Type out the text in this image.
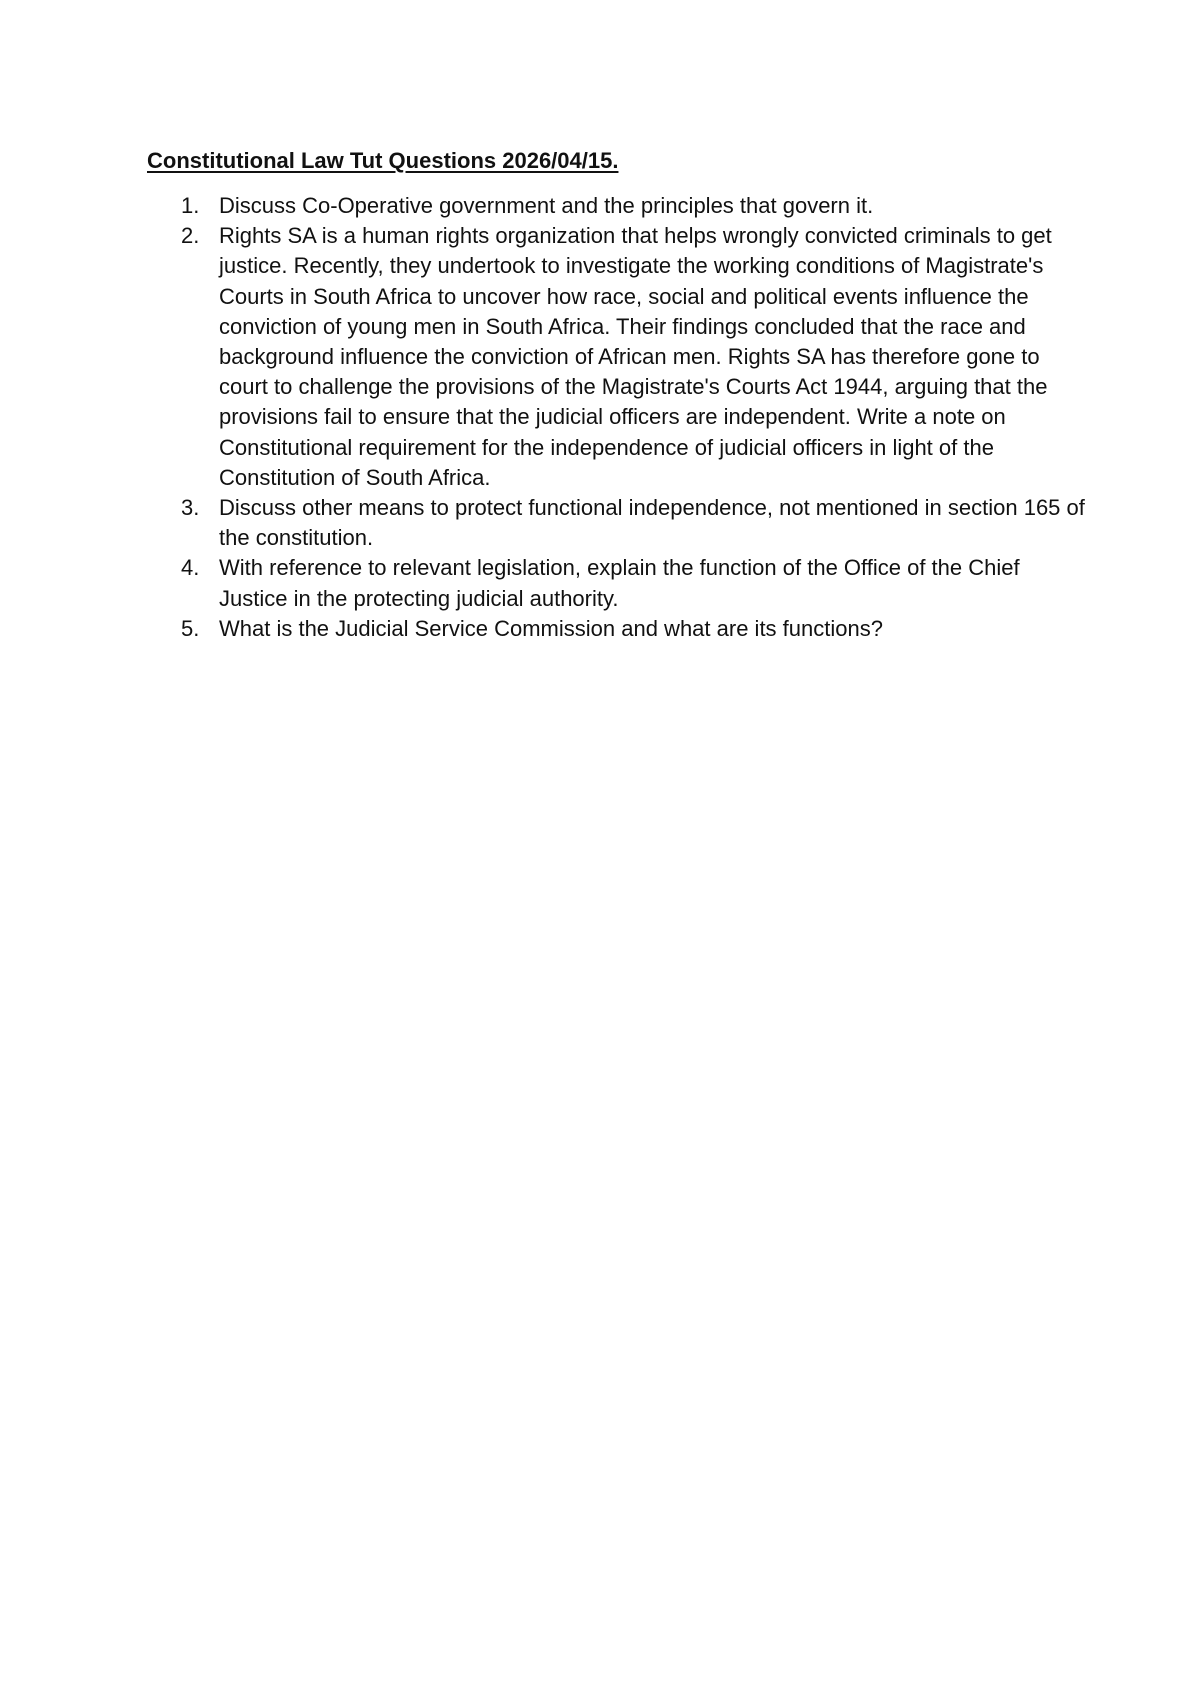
Constitutional Law Tut Questions 2026/04/15.
1. Discuss Co-Operative government and the principles that govern it.
2. Rights SA is a human rights organization that helps wrongly convicted criminals to get justice. Recently, they undertook to investigate the working conditions of Magistrate's Courts in South Africa to uncover how race, social and political events influence the conviction of young men in South Africa. Their findings concluded that the race and background influence the conviction of African men. Rights SA has therefore gone to court to challenge the provisions of the Magistrate's Courts Act 1944, arguing that the provisions fail to ensure that the judicial officers are independent. Write a note on Constitutional requirement for the independence of judicial officers in light of the Constitution of South Africa.
3. Discuss other means to protect functional independence, not mentioned in section 165 of the constitution.
4. With reference to relevant legislation, explain the function of the Office of the Chief Justice in the protecting judicial authority.
5. What is the Judicial Service Commission and what are its functions?
